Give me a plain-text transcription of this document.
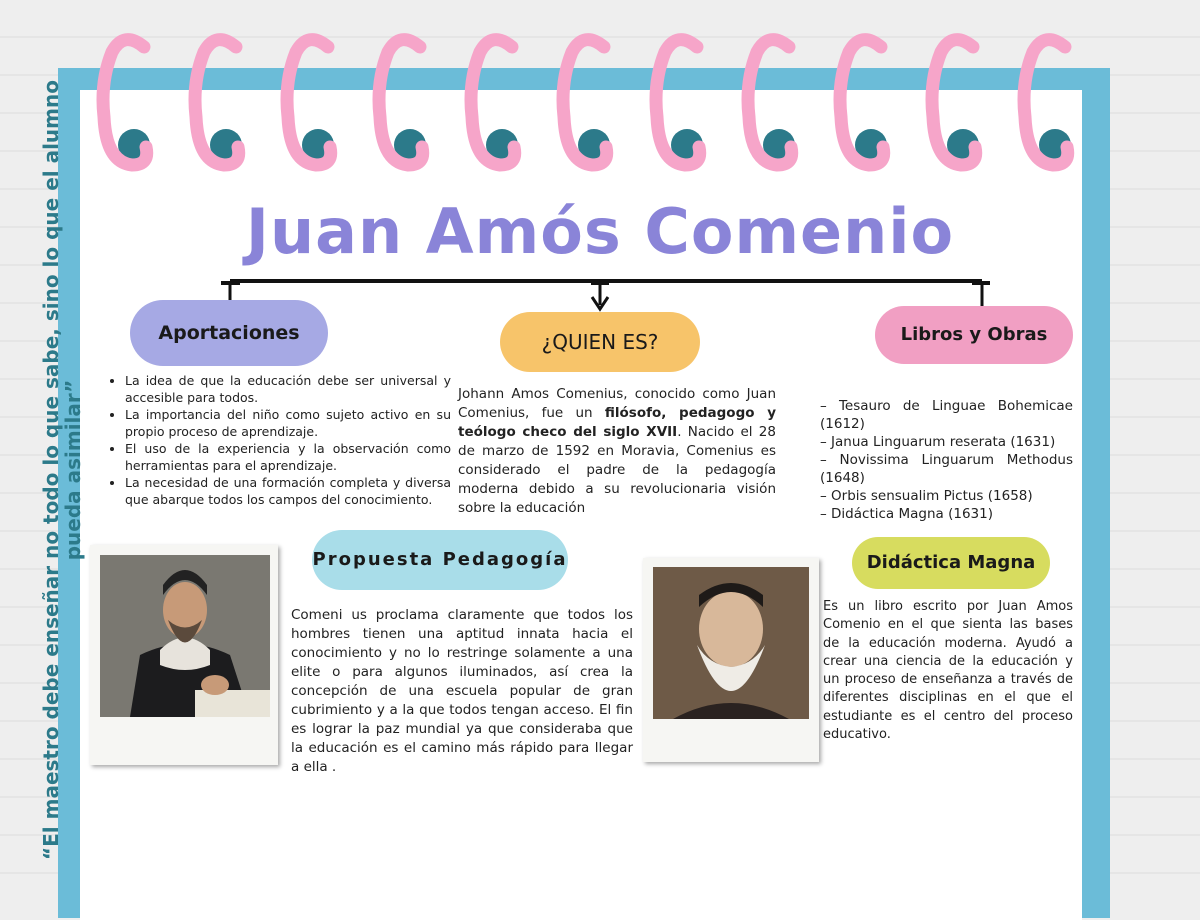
“El maestro debe enseñar no todo lo que sabe, sino lo que el alumno pueda asimilar”
Juan Amós Comenio
Aportaciones
• La idea de que la educación debe ser universal y accesible para todos.
• La importancia del niño como sujeto activo en su propio proceso de aprendizaje.
• El uso de la experiencia y la observación como herramientas para el aprendizaje.
• La necesidad de una formación completa y diversa que abarque todos los campos del conocimiento.
¿QUIEN ES?
Johann Amos Comenius, conocido como Juan Comenius, fue un filósofo, pedagogo y teólogo checo del siglo XVII. Nacido el 28 de marzo de 1592 en Moravia, Comenius es considerado el padre de la pedagogía moderna debido a su revolucionaria visión sobre la educación
Libros y Obras
– Tesauro de Linguae Bohemicae (1612)
– Janua Linguarum reserata (1631)
– Novissima Linguarum Methodus (1648)
– Orbis sensualim Pictus (1658)
– Didáctica Magna (1631)
Propuesta Pedagogía
Comeni us proclama claramente que todos los hombres tienen una aptitud innata hacia el conocimiento y no lo restringe solamente a una elite o para algunos iluminados, así crea la concepción de una escuela popular de gran cubrimiento y a la que todos tengan acceso. El fin es lograr la paz mundial ya que consideraba que la educación es el camino más rápido para llegar a ella .
Didáctica Magna
Es un libro escrito por Juan Amos Comenio en el que sienta las bases de la educación moderna. Ayudó a crear una ciencia de la educación y un proceso de enseñanza a través de diferentes disciplinas en el que el estudiante es el centro del proceso educativo.
